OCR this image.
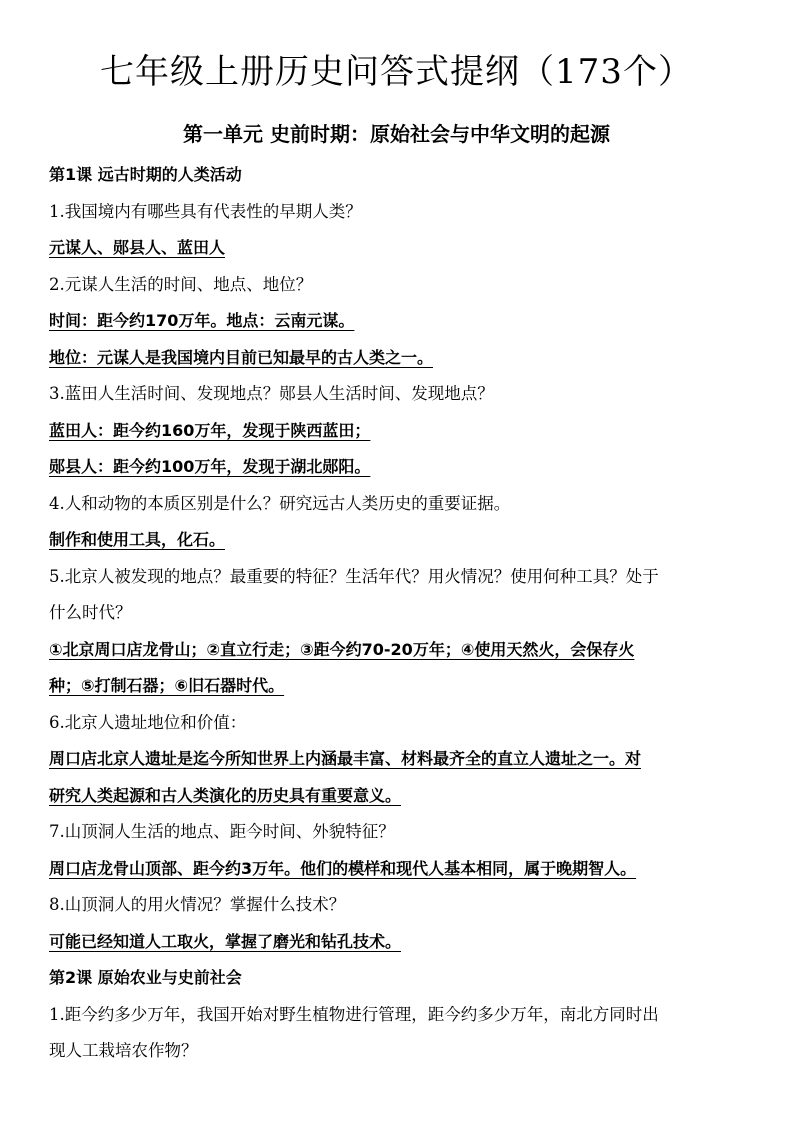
七年级上册历史问答式提纲（173个）
第一单元 史前时期：原始社会与中华文明的起源
第1课 远古时期的人类活动
1.我国境内有哪些具有代表性的早期人类？
元谋人、郧县人、蓝田人
2.元谋人生活的时间、地点、地位？
时间：距今约170万年。地点：云南元谋。
地位：元谋人是我国境内目前已知最早的古人类之一。
3.蓝田人生活时间、发现地点？郧县人生活时间、发现地点？
蓝田人：距今约160万年，发现于陕西蓝田；
郧县人：距今约100万年，发现于湖北郧阳。
4.人和动物的本质区别是什么？研究远古人类历史的重要证据。
制作和使用工具，化石。
5.北京人被发现的地点？最重要的特征？生活年代？用火情况？使用何种工具？处于
什么时代？
①北京周口店龙骨山；②直立行走；③距今约70-20万年；④使用天然火，会保存火
种；⑤打制石器；⑥旧石器时代。
6.北京人遗址地位和价值：
周口店北京人遗址是迄今所知世界上内涵最丰富、材料最齐全的直立人遗址之一。对
研究人类起源和古人类演化的历史具有重要意义。
7.山顶洞人生活的地点、距今时间、外貌特征？
周口店龙骨山顶部、距今约3万年。他们的模样和现代人基本相同，属于晚期智人。
8.山顶洞人的用火情况？掌握什么技术？
可能已经知道人工取火，掌握了磨光和钻孔技术。
第2课 原始农业与史前社会
1.距今约多少万年，我国开始对野生植物进行管理，距今约多少万年，南北方同时出
现人工栽培农作物？
